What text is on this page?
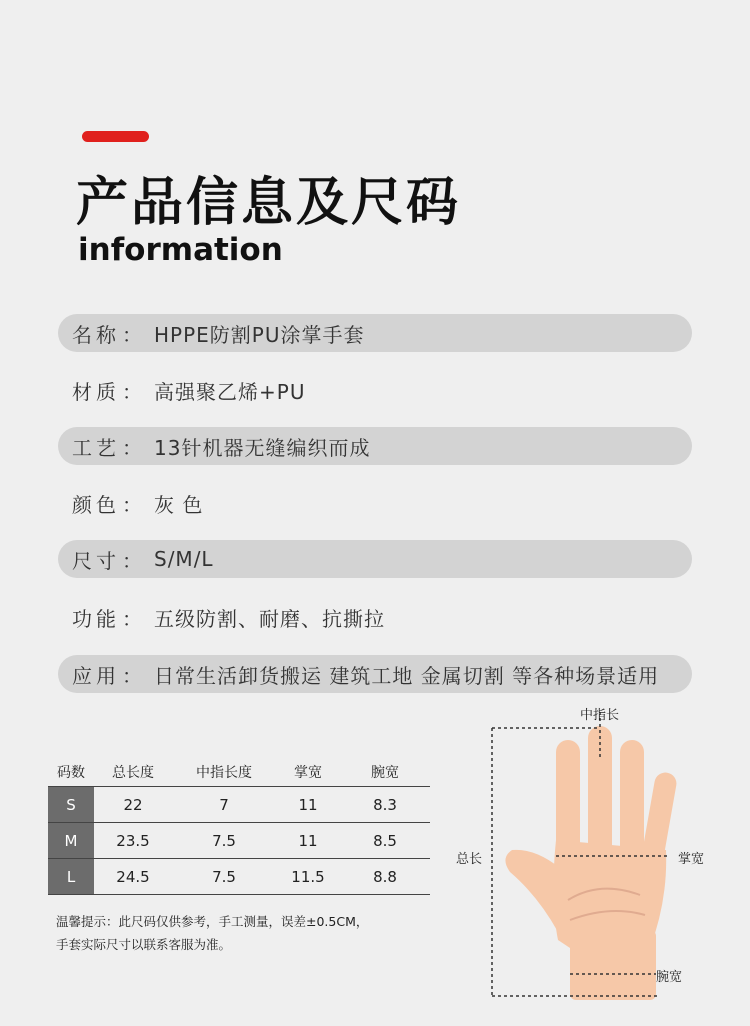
产品信息及尺码
information
名称 ： HPPE防割PU涂掌手套
材质 ： 高强聚乙烯+PU
工艺 ： 13针机器无缝编织而成
颜色 ： 灰 色
尺寸 ： S/M/L
功能 ： 五级防割、耐磨、抗撕拉
应用 ： 日常生活卸货搬运 建筑工地 金属切割 等各种场景适用
码数	总长度	中指长度	掌宽	腕宽
S	22	7	11	8.3
M	23.5	7.5	11	8.5
L	24.5	7.5	11.5	8.8
温馨提示：此尺码仅供参考，手工测量，误差±0.5CM，
手套实际尺寸以联系客服为准。
中指长
总长	掌宽
腕宽
